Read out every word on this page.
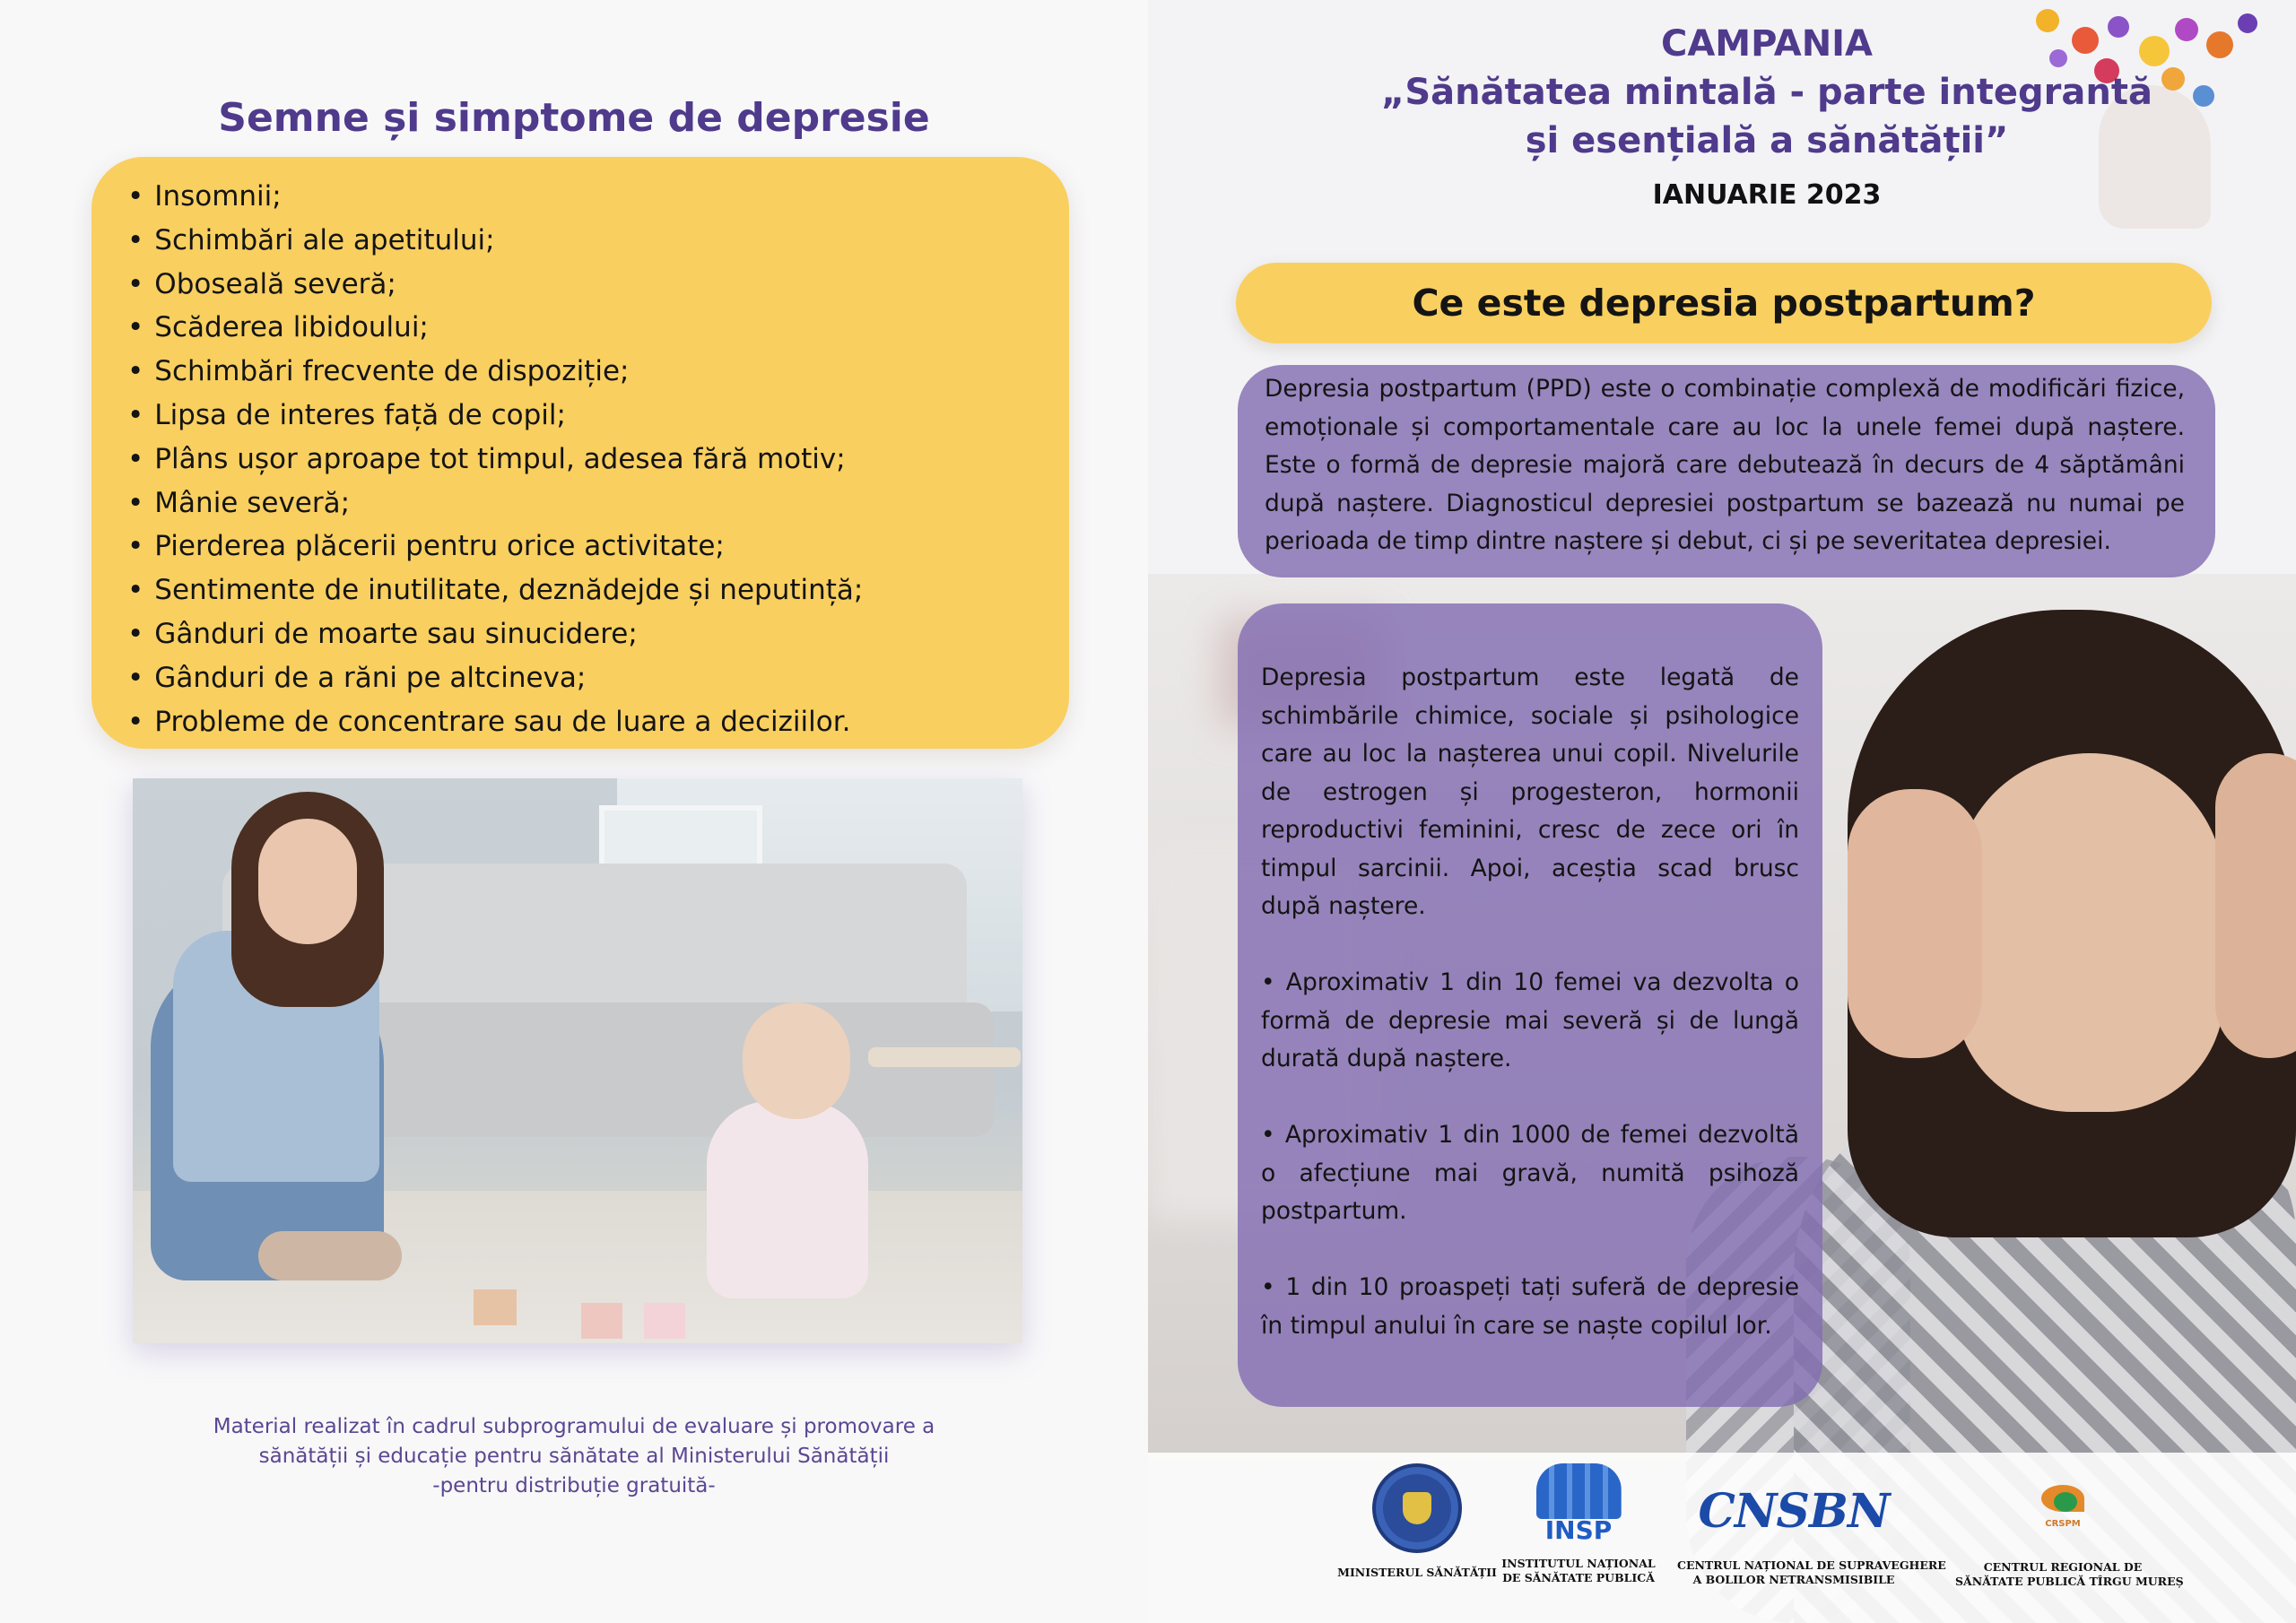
Semne și simptome de depresie
• Insomnii;
• Schimbări ale apetitului;
• Oboseală severă;
• Scăderea libidoului;
• Schimbări frecvente de dispoziție;
• Lipsa de interes față de copil;
• Plâns ușor aproape tot timpul, adesea fără motiv;
• Mânie severă;
• Pierderea plăcerii pentru orice activitate;
• Sentimente de inutilitate, deznădejde și neputință;
• Gânduri de moarte sau sinucidere;
• Gânduri de a răni pe altcineva;
• Probleme de concentrare sau de luare a deciziilor.
Material realizat în cadrul subprogramului de evaluare și promovare a
sănătății și educație pentru sănătate al Ministerului Sănătății
-pentru distribuție gratuită-
CAMPANIA
„Sănătatea mintală - parte integrantă
și esențială a sănătății”
IANUARIE 2023
Ce este depresia postpartum?
Depresia postpartum (PPD) este o combinație complexă de modificări fizice, emoționale și comportamentale care au loc la unele femei după naștere. Este o formă de depresie majoră care debutează în decurs de 4 săptămâni după naștere. Diagnosticul depresiei postpartum se bazează nu numai pe perioada de timp dintre naștere și debut, ci și pe severitatea depresiei.

Depresia postpartum este legată de schimbările chimice, sociale și psihologice care au loc la nașterea unui copil. Nivelurile de estrogen și progesteron, hormonii reproductivi feminini, cresc de zece ori în timpul sarcinii. Apoi, aceștia scad brusc după naștere.

• Aproximativ 1 din 10 femei va dezvolta o formă de depresie mai severă și de lungă durată după naștere.

• Aproximativ 1 din 1000 de femei dezvoltă o afecțiune mai gravă, numită psihoză postpartum.

• 1 din 10 proaspeți tați suferă de depresie în timpul anului în care se naște copilul lor.

MINISTERUL SĂNĂTĂȚII
INSP
INSTITUTUL NAȚIONAL
DE SĂNĂTATE PUBLICĂ
CNSBN
CENTRUL NAȚIONAL DE SUPRAVEGHERE
A BOLILOR NETRANSMISIBILE
CRSPM
CENTRUL REGIONAL DE
SĂNĂTATE PUBLICĂ TÎRGU MUREȘ
